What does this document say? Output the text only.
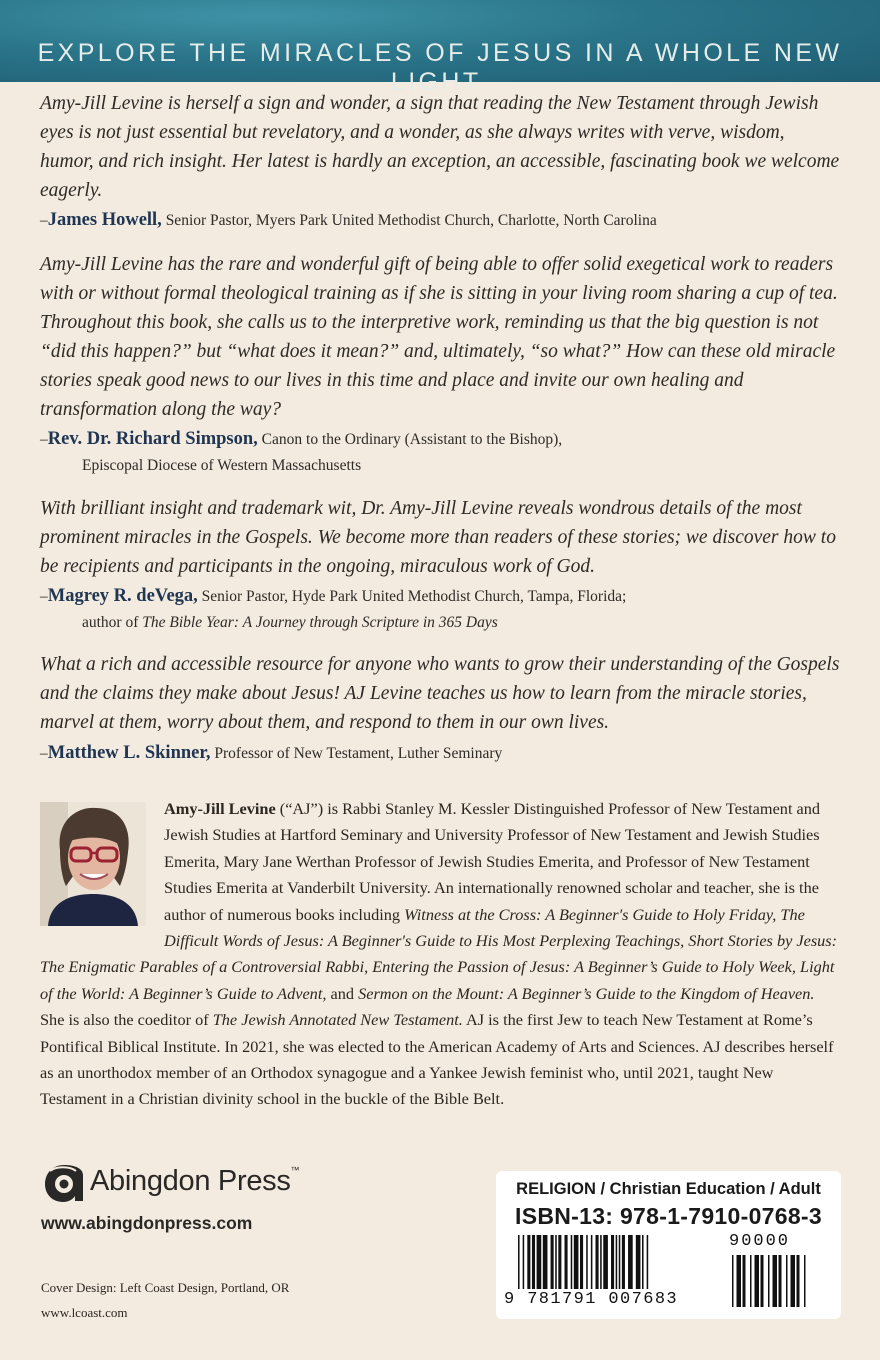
EXPLORE THE MIRACLES OF JESUS IN A WHOLE NEW LIGHT.

Amy-Jill Levine is herself a sign and wonder, a sign that reading the New Testament through Jewish eyes is not just essential but revelatory, and a wonder, as she always writes with verve, wisdom, humor, and rich insight. Her latest is hardly an exception, an accessible, fascinating book we welcome eagerly.

–James Howell, Senior Pastor, Myers Park United Methodist Church, Charlotte, North Carolina

Amy-Jill Levine has the rare and wonderful gift of being able to offer solid exegetical work to readers with or without formal theological training as if she is sitting in your living room sharing a cup of tea. Throughout this book, she calls us to the interpretive work, reminding us that the big question is not “did this happen?” but “what does it mean?” and, ultimately, “so what?” How can these old miracle stories speak good news to our lives in this time and place and invite our own healing and transformation along the way?

–Rev. Dr. Richard Simpson, Canon to the Ordinary (Assistant to the Bishop),
Episcopal Diocese of Western Massachusetts

With brilliant insight and trademark wit, Dr. Amy-Jill Levine reveals wondrous details of the most prominent miracles in the Gospels. We become more than readers of these stories; we discover how to be recipients and participants in the ongoing, miraculous work of God.

–Magrey R. deVega, Senior Pastor, Hyde Park United Methodist Church, Tampa, Florida;
author of The Bible Year: A Journey through Scripture in 365 Days

What a rich and accessible resource for anyone who wants to grow their understanding of the Gospels and the claims they make about Jesus! AJ Levine teaches us how to learn from the miracle stories, marvel at them, worry about them, and respond to them in our own lives.

–Matthew L. Skinner, Professor of New Testament, Luther Seminary
Amy-Jill Levine (“AJ”) is Rabbi Stanley M. Kessler Distinguished Professor of New Testament and Jewish Studies at Hartford Seminary and University Professor of New Testament and Jewish Studies Emerita, Mary Jane Werthan Professor of Jewish Studies Emerita, and Professor of New Testament Studies Emerita at Vanderbilt University. An internationally renowned scholar and teacher, she is the author of numerous books including Witness at the Cross: A Beginner's Guide to Holy Friday, The Difficult Words of Jesus: A Beginner's Guide to His Most Perplexing Teachings, Short Stories by Jesus: The Enigmatic Parables of a Controversial Rabbi, Entering the Passion of Jesus: A Beginner’s Guide to Holy Week, Light of the World: A Beginner’s Guide to Advent, and Sermon on the Mount: A Beginner’s Guide to the Kingdom of Heaven. She is also the coeditor of The Jewish Annotated New Testament. AJ is the first Jew to teach New Testament at Rome’s Pontifical Biblical Institute. In 2021, she was elected to the American Academy of Arts and Sciences. AJ describes herself as an unorthodox member of an Orthodox synagogue and a Yankee Jewish feminist who, until 2021, taught New Testament in a Christian divinity school in the buckle of the Bible Belt.
Abingdon Press™
www.abingdonpress.com
Cover Design: Left Coast Design, Portland, OR
www.lcoast.com
RELIGION / Christian Education / Adult
ISBN-13: 978-1-7910-0768-3
90000
9 781791 007683
